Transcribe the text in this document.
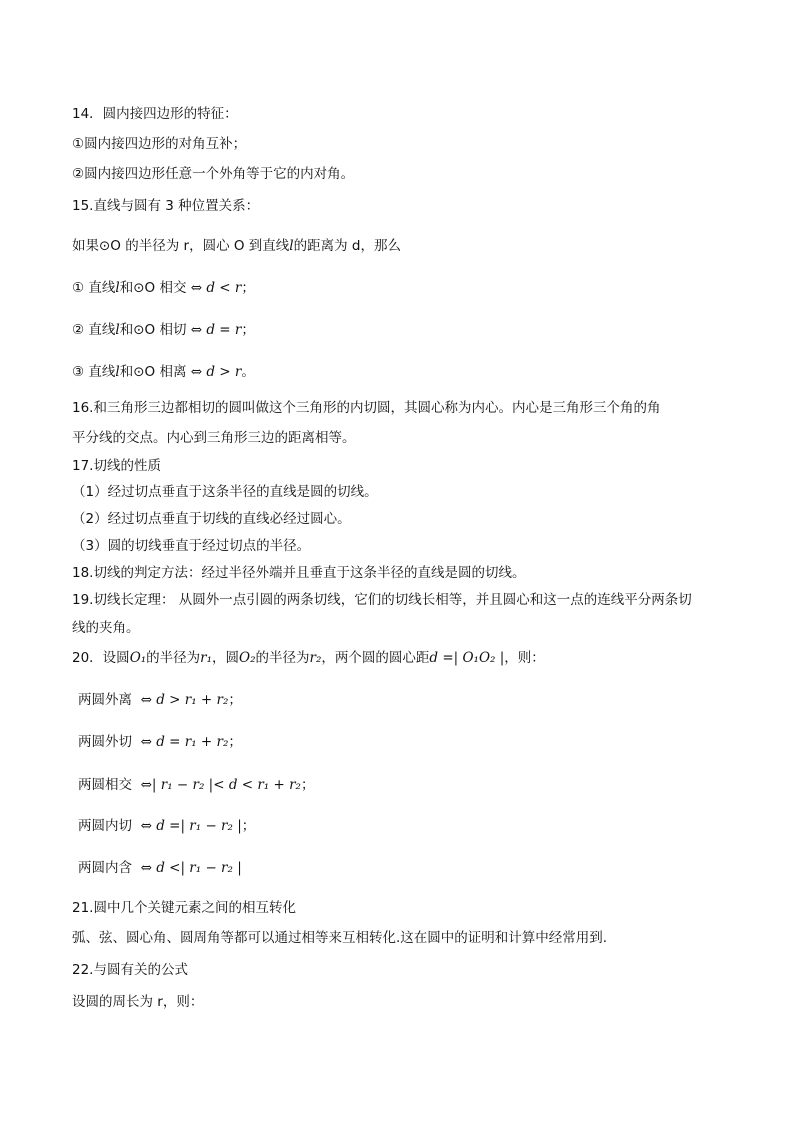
14．圆内接四边形的特征：
①圆内接四边形的对角互补；
②圆内接四边形任意一个外角等于它的内对角。
15.直线与圆有 3 种位置关系：
如果⊙O 的半径为 r，圆心 O 到直线l的距离为 d，那么
① 直线l和⊙O 相交 ⇔ d < r；
② 直线l和⊙O 相切 ⇔ d = r；
③ 直线l和⊙O 相离 ⇔ d > r。
16.和三角形三边都相切的圆叫做这个三角形的内切圆，其圆心称为内心。内心是三角形三个角的角
平分线的交点。内心到三角形三边的距离相等。
17.切线的性质
（1）经过切点垂直于这条半径的直线是圆的切线。
（2）经过切点垂直于切线的直线必经过圆心。
（3）圆的切线垂直于经过切点的半径。
18.切线的判定方法：经过半径外端并且垂直于这条半径的直线是圆的切线。
19.切线长定理： 从圆外一点引圆的两条切线，它们的切线长相等，并且圆心和这一点的连线平分两条切
线的夹角。
20．设圆O₁的半径为r₁，圆O₂的半径为r₂，两个圆的圆心距d =| O₁O₂ |，则：
两圆外离 ⇔ d > r₁ + r₂；
两圆外切 ⇔ d = r₁ + r₂；
两圆相交 ⇔| r₁ − r₂ |< d < r₁ + r₂；
两圆内切 ⇔ d =| r₁ − r₂ |；
两圆内含 ⇔ d <| r₁ − r₂ |
21.圆中几个关键元素之间的相互转化
弧、弦、圆心角、圆周角等都可以通过相等来互相转化.这在圆中的证明和计算中经常用到.
22.与圆有关的公式
设圆的周长为 r，则：
